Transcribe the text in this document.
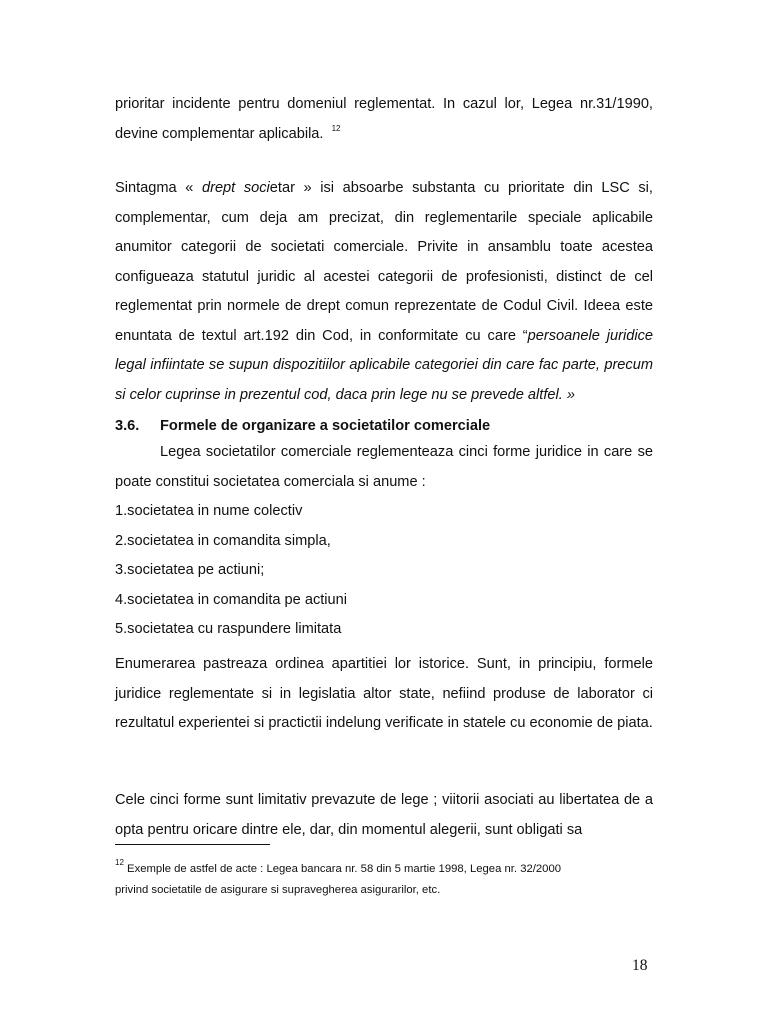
prioritar incidente pentru domeniul reglementat. In cazul lor, Legea nr.31/1990, devine complementar aplicabila. $^{12}$

Sintagma « drept societar » isi absoarbe substanta cu prioritate din LSC si, complementar, cum deja am precizat, din reglementarile speciale aplicabile anumitor categorii de societati comerciale. Privite in ansamblu toate acestea configueaza statutul juridic al acestei categorii de profesionisti, distinct de cel reglementat prin normele de drept comun reprezentate de Codul Civil. Ideea este enuntata de textul art.192 din Cod, in conformitate cu care “persoanele juridice legal infiintate se supun dispozitiilor aplicabile categoriei din care fac parte, precum si celor cuprinse in prezentul cod, daca prin lege nu se prevede altfel. »

3.6. Formele de organizare a societatilor comerciale

Legea societatilor comerciale reglementeaza cinci forme juridice in care se poate constitui societatea comerciala si anume :

1.societatea in nume colectiv
2.societatea in comandita simpla,
3.societatea pe actiuni;
4.societatea in comandita pe actiuni
5.societatea cu raspundere limitata

Enumerarea pastreaza ordinea apartitiei lor istorice. Sunt, in principiu, formele juridice reglementate si in legislatia altor state, nefiind produse de laborator ci rezultatul experientei si practictii indelung verificate in statele cu economie de piata.

Cele cinci forme sunt limitativ prevazute de lege ; viitorii asociati au libertatea de a opta pentru oricare dintre ele, dar, din momentul alegerii, sunt obligati sa

$^{12}$ Exemple de astfel de acte : Legea bancara nr. 58 din 5 martie 1998, Legea nr. 32/2000

privind societatile de asigurare si supravegherea asigurarilor, etc.

18
